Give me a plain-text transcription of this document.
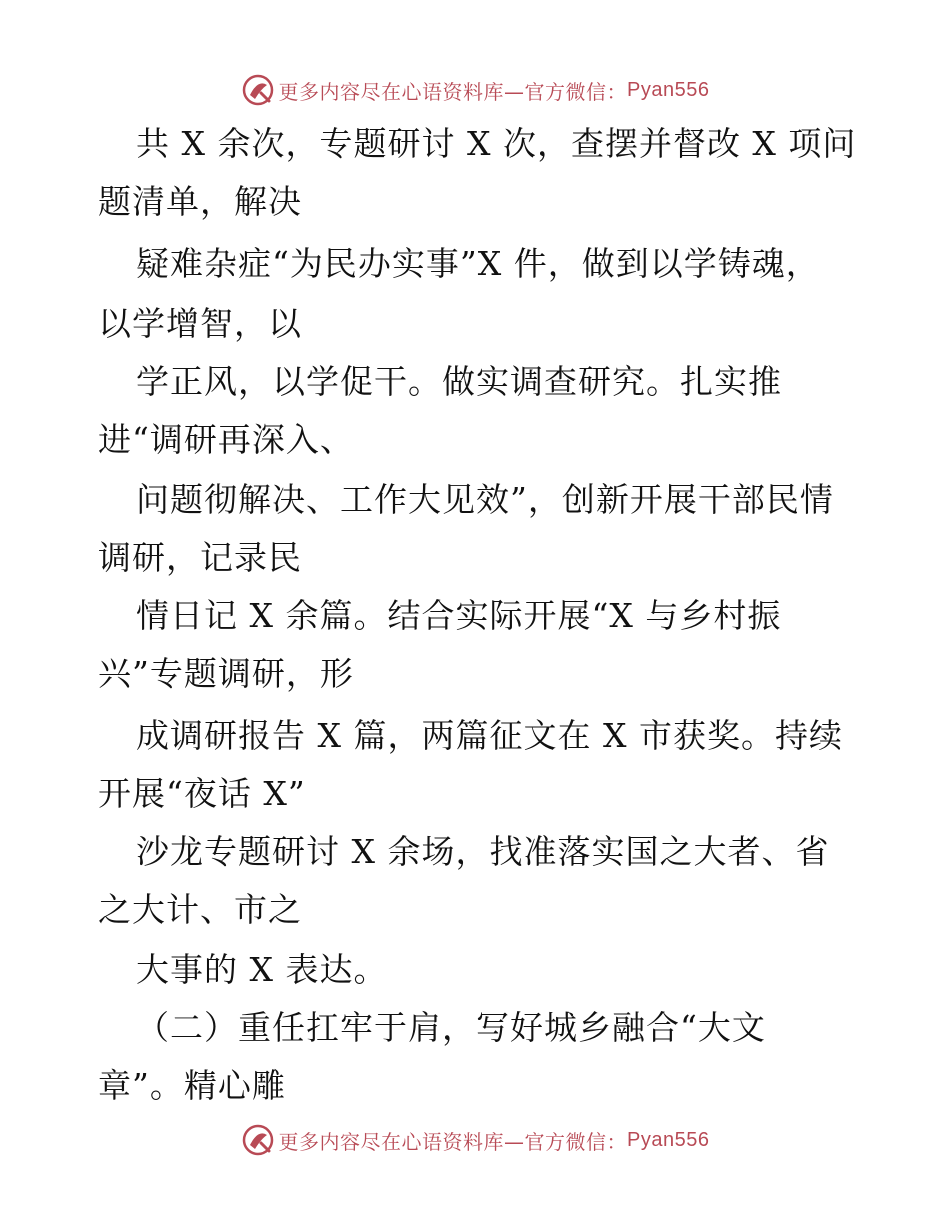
更多内容尽在心语资料库—官方微信： Pyan556
共 X 余次，专题研讨 X 次，查摆并督改 X 项问
题清单，解决
疑难杂症“为民办实事”X 件，做到以学铸魂，
以学增智，以
学正风，以学促干。做实调查研究。扎实推
进“调研再深入、
问题彻解决、工作大见效”，创新开展干部民情
调研，记录民
情日记 X 余篇。结合实际开展“X 与乡村振
兴”专题调研，形
成调研报告 X 篇，两篇征文在 X 市获奖。持续
开展“夜话 X”
沙龙专题研讨 X 余场，找准落实国之大者、省
之大计、市之
大事的 X 表达。
（二）重任扛牢于肩，写好城乡融合“大文
章”。精心雕
更多内容尽在心语资料库—官方微信： Pyan556
